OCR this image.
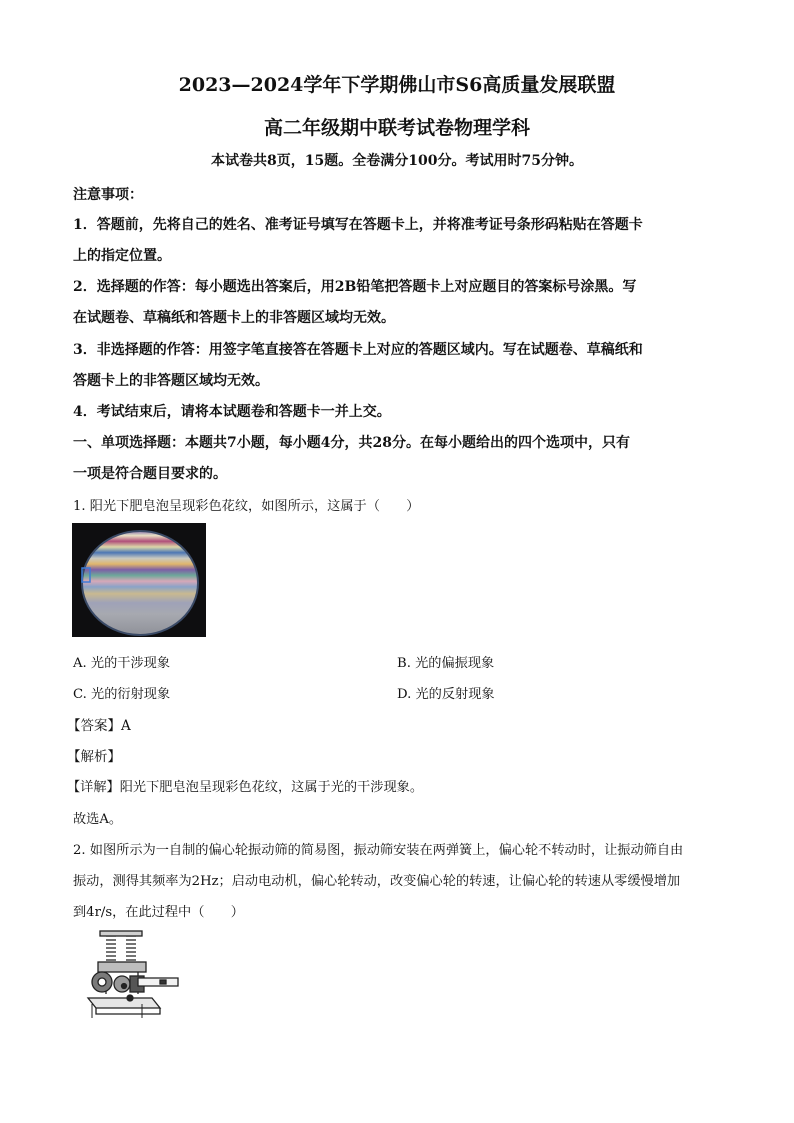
2023—2024学年下学期佛山市S6高质量发展联盟
高二年级期中联考试卷物理学科
本试卷共8页，15题。全卷满分100分。考试用时75分钟。
注意事项：
1．答题前，先将自己的姓名、准考证号填写在答题卡上，并将准考证号条形码粘贴在答题卡
上的指定位置。
2．选择题的作答：每小题选出答案后，用2B铅笔把答题卡上对应题目的答案标号涂黑。写
在试题卷、草稿纸和答题卡上的非答题区域均无效。
3．非选择题的作答：用签字笔直接答在答题卡上对应的答题区域内。写在试题卷、草稿纸和
答题卡上的非答题区域均无效。
4．考试结束后，请将本试题卷和答题卡一并上交。
一、单项选择题：本题共7小题，每小题4分，共28分。在每小题给出的四个选项中，只有
一项是符合题目要求的。
1. 阳光下肥皂泡呈现彩色花纹，如图所示，这属于（　　）
A. 光的干涉现象	B. 光的偏振现象
C. 光的衍射现象	D. 光的反射现象
【答案】A
【解析】
【详解】阳光下肥皂泡呈现彩色花纹，这属于光的干涉现象。
故选A。
2. 如图所示为一自制的偏心轮振动筛的简易图，振动筛安装在两弹簧上，偏心轮不转动时，让振动筛自由
振动，测得其频率为2Hz；启动电动机，偏心轮转动，改变偏心轮的转速，让偏心轮的转速从零缓慢增加
到4r/s，在此过程中（　　）
